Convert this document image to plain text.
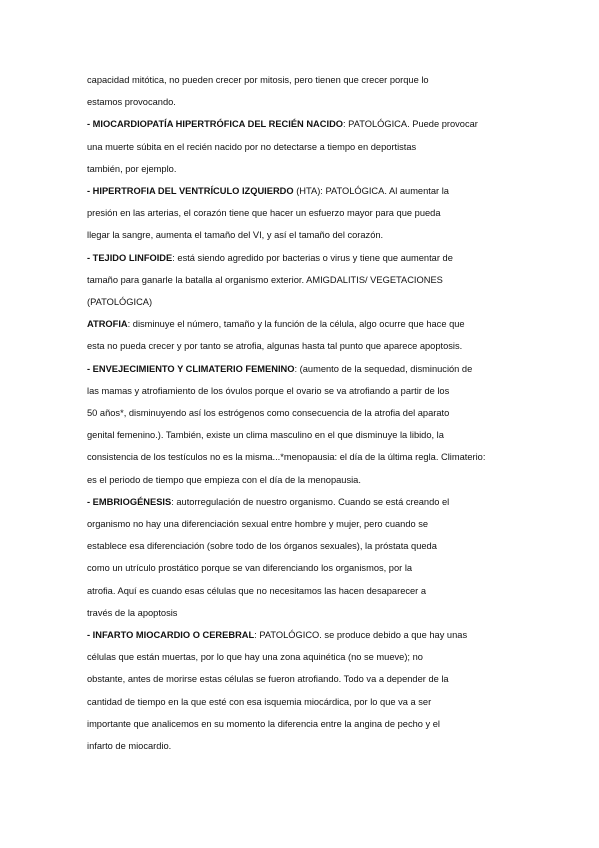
capacidad mitótica, no pueden crecer por mitosis, pero tienen que crecer porque lo

estamos provocando.

- MIOCARDIOPATÍA HIPERTRÓFICA DEL RECIÉN NACIDO: PATOLÓGICA. Puede provocar

una muerte súbita en el recién nacido por no detectarse a tiempo en deportistas

también, por ejemplo.

- HIPERTROFIA DEL VENTRÍCULO IZQUIERDO (HTA): PATOLÓGICA. Al aumentar la

presión en las arterias, el corazón tiene que hacer un esfuerzo mayor para que pueda

llegar la sangre, aumenta el tamaño del VI, y así el tamaño del corazón.

- TEJIDO LINFOIDE: está siendo agredido por bacterias o virus y tiene que aumentar de

tamaño para ganarle la batalla al organismo exterior. AMIGDALITIS/ VEGETACIONES

(PATOLÓGICA)

ATROFIA: disminuye el número, tamaño y la función de la célula, algo ocurre que hace que

esta no pueda crecer y por tanto se atrofia, algunas hasta tal punto que aparece apoptosis.

- ENVEJECIMIENTO Y CLIMATERIO FEMENINO: (aumento de la sequedad, disminución de

las mamas y atrofiamiento de los óvulos porque el ovario se va atrofiando a partir de los

50 años*, disminuyendo así los estrógenos como consecuencia de la atrofia del aparato

genital femenino.). También, existe un clima masculino en el que disminuye la libido, la

consistencia de los testículos no es la misma...*menopausia: el día de la última regla. Climaterio:

es el periodo de tiempo que empieza con el día de la menopausia.

- EMBRIOGÉNESIS: autorregulación de nuestro organismo. Cuando se está creando el

organismo no hay una diferenciación sexual entre hombre y mujer, pero cuando se

establece esa diferenciación (sobre todo de los órganos sexuales), la próstata queda

como un utrículo prostático porque se van diferenciando los organismos, por la

atrofia. Aquí es cuando esas células que no necesitamos las hacen desaparecer a

través de la apoptosis

- INFARTO MIOCARDIO O CEREBRAL: PATOLÓGICO. se produce debido a que hay unas

células que están muertas, por lo que hay una zona aquinética (no se mueve); no

obstante, antes de morirse estas células se fueron atrofiando. Todo va a depender de la

cantidad de tiempo en la que esté con esa isquemia miocárdica, por lo que va a ser

importante que analicemos en su momento la diferencia entre la angina de pecho y el

infarto de miocardio.
